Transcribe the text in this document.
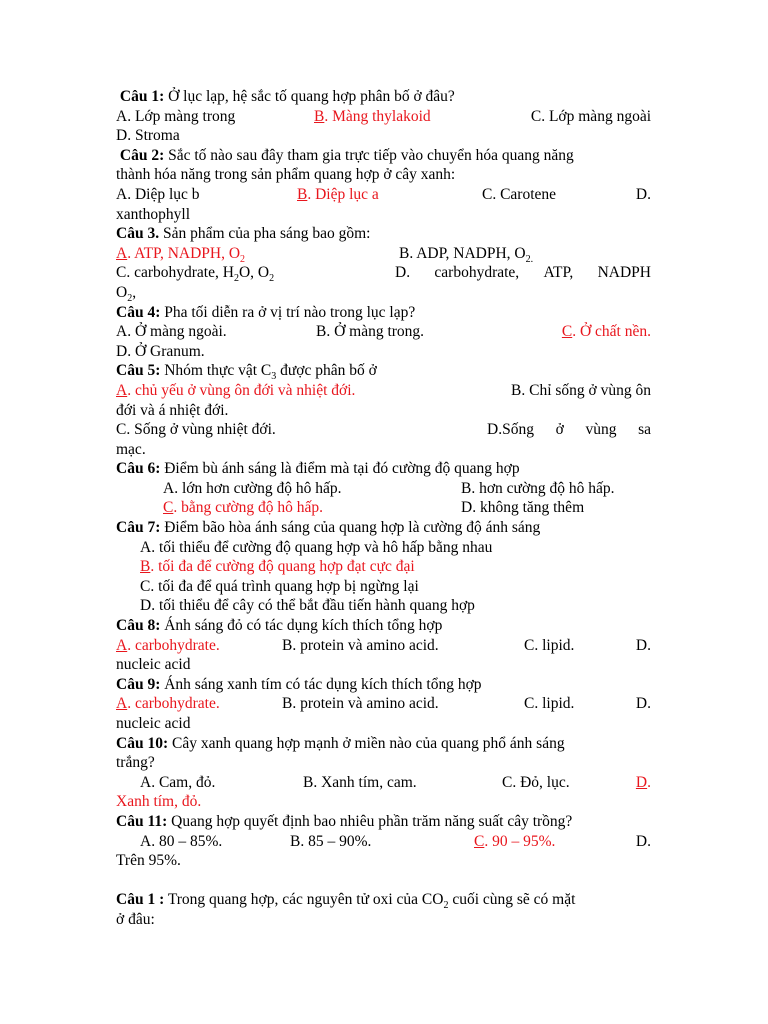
Câu 1: Ở lục lạp, hệ sắc tố quang hợp phân bố ở đâu?
A. Lớp màng trong	B. Màng thylakoid	C. Lớp màng ngoài
D. Stroma
Câu 2: Sắc tố nào sau đây tham gia trực tiếp vào chuyển hóa quang năng
thành hóa năng trong sản phẩm quang hợp ở cây xanh:
A. Diệp lục b	B. Diệp lục a	C. Carotene	D.
xanthophyll
Câu 3. Sản phẩm của pha sáng bao gồm:
A. ATP, NADPH, $O_2$	B. ADP, NADPH, $O_{2.}$
C. carbohydrate, $H_2O$, $O_2$	D. carbohydrate, ATP, NADPH
$O_2$,
Câu 4: Pha tối diễn ra ở vị trí nào trong lục lạp?
A. Ở màng ngoài.	B. Ở màng trong.	C. Ở chất nền.
D. Ở Granum.
Câu 5: Nhóm thực vật $C_3$ được phân bố ở
A. chủ yếu ở vùng ôn đới và nhiệt đới.	B. Chỉ sống ở vùng ôn
đới và á nhiệt đới.
C. Sống ở vùng nhiệt đới.	D.Sống ở vùng sa
mạc.
Câu 6: Điểm bù ánh sáng là điểm mà tại đó cường độ quang hợp
A. lớn hơn cường độ hô hấp.	B. hơn cường độ hô hấp.
C. bằng cường độ hô hấp.	D. không tăng thêm
Câu 7: Điểm bão hòa ánh sáng của quang hợp là cường độ ánh sáng
A. tối thiểu để cường độ quang hợp và hô hấp bằng nhau
B. tối đa để cường độ quang hợp đạt cực đại
C. tối đa để quá trình quang hợp bị ngừng lại
D. tối thiểu để cây có thể bắt đầu tiến hành quang hợp
Câu 8: Ánh sáng đỏ có tác dụng kích thích tổng hợp
A. carbohydrate.	B. protein và amino acid.	C. lipid.	D.
nucleic acid
Câu 9: Ánh sáng xanh tím có tác dụng kích thích tổng hợp
A. carbohydrate.	B. protein và amino acid.	C. lipid.	D.
nucleic acid
Câu 10: Cây xanh quang hợp mạnh ở miền nào của quang phổ ánh sáng
trắng?
A. Cam, đỏ.	B. Xanh tím, cam.	C. Đỏ, lục.	D.
Xanh tím, đỏ.
Câu 11: Quang hợp quyết định bao nhiêu phần trăm năng suất cây trồng?
A. 80 – 85%.	B. 85 – 90%.	C. 90 – 95%.	D.
Trên 95%.
Câu 1 : Trong quang hợp, các nguyên tử oxi của $CO_2$ cuối cùng sẽ có mặt
ở đâu:
